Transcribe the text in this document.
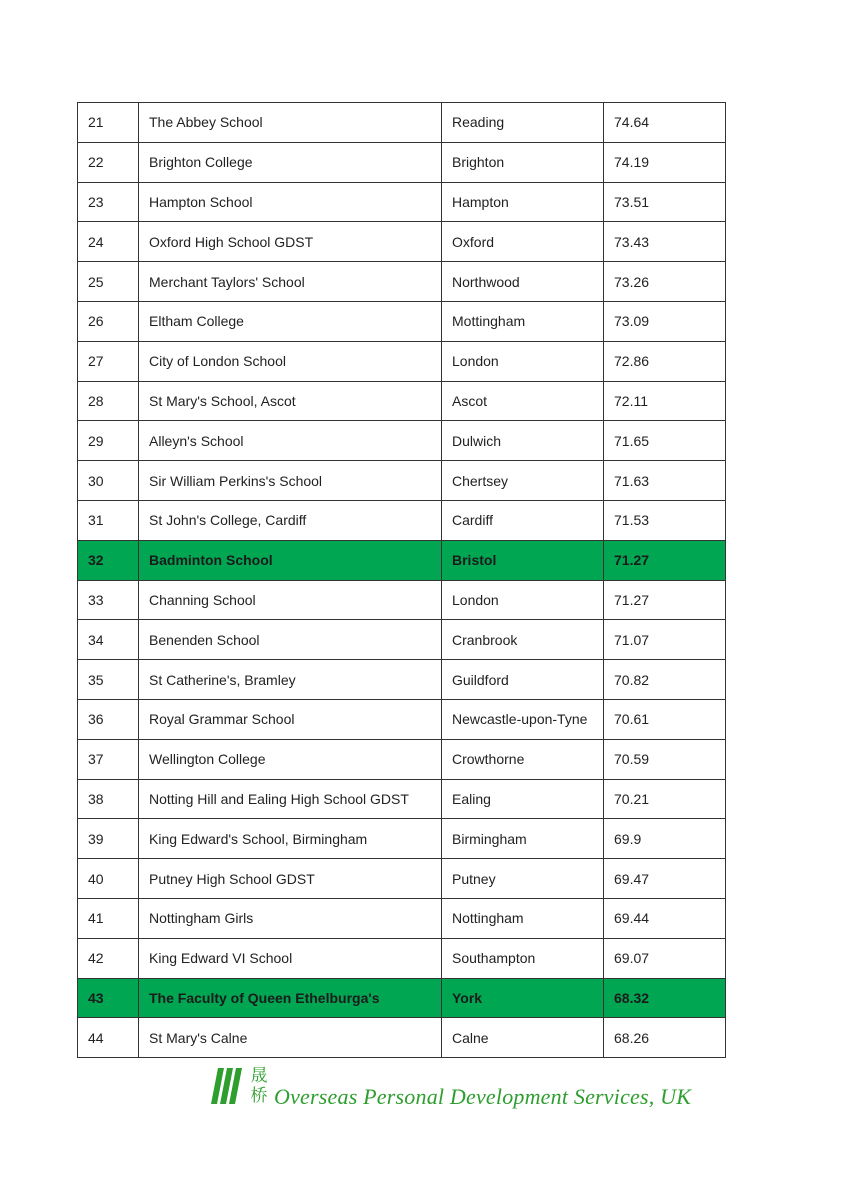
21	The Abbey School	Reading	74.64
22	Brighton College	Brighton	74.19
23	Hampton School	Hampton	73.51
24	Oxford High School GDST	Oxford	73.43
25	Merchant Taylors' School	Northwood	73.26
26	Eltham College	Mottingham	73.09
27	City of London School	London	72.86
28	St Mary's School, Ascot	Ascot	72.11
29	Alleyn's School	Dulwich	71.65
30	Sir William Perkins's School	Chertsey	71.63
31	St John's College, Cardiff	Cardiff	71.53
32	Badminton School	Bristol	71.27
33	Channing School	London	71.27
34	Benenden School	Cranbrook	71.07
35	St Catherine's, Bramley	Guildford	70.82
36	Royal Grammar School	Newcastle-upon-Tyne	70.61
37	Wellington College	Crowthorne	70.59
38	Notting Hill and Ealing High School GDST	Ealing	70.21
39	King Edward's School, Birmingham	Birmingham	69.9
40	Putney High School GDST	Putney	69.47
41	Nottingham Girls	Nottingham	69.44
42	King Edward VI School	Southampton	69.07
43	The Faculty of Queen Ethelburga's	York	68.32
44	St Mary's Calne	Calne	68.26
晟
桥 Overseas Personal Development Services, UK
